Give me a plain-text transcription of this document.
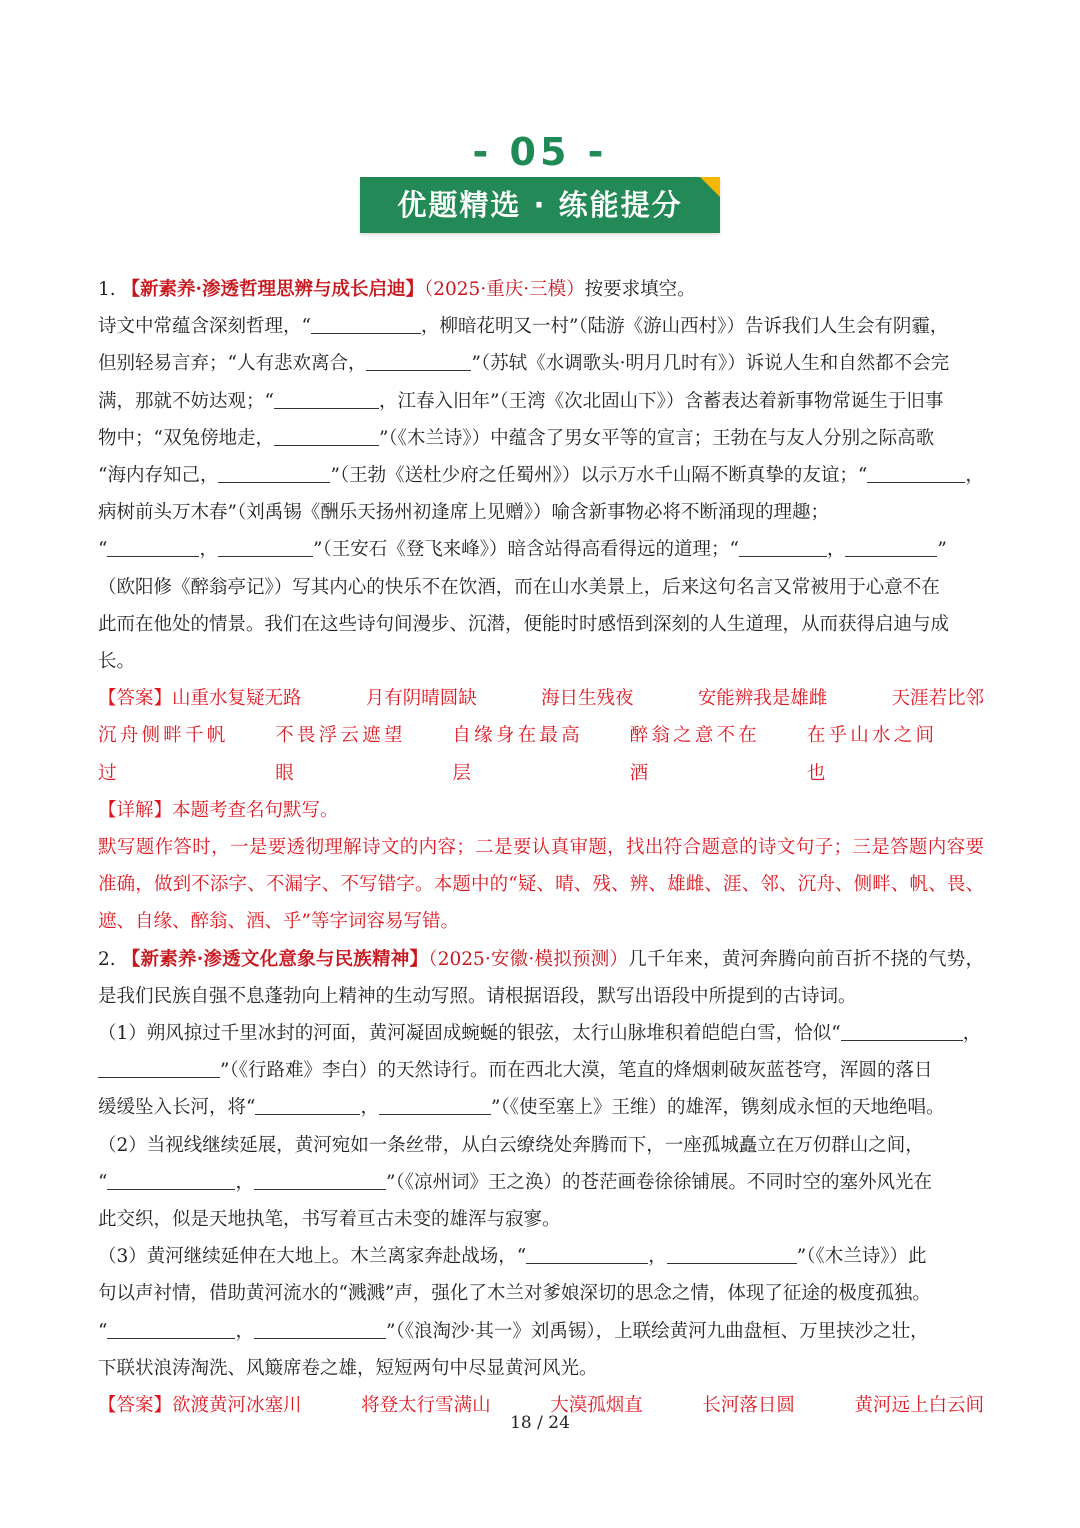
- 05 -
优题精选 · 练能提分

1. 【新素养·渗透哲理思辨与成长启迪】（2025·重庆·三模）按要求填空。

诗文中常蕴含深刻哲理，“	，柳暗花明又一村”（陆游《游山西村》）告诉我们人生会有阴霾，
但别轻易言弃；“人有悲欢离合，	”（苏轼《水调歌头·明月几时有》）诉说人生和自然都不会完
满，那就不妨达观；“	，江春入旧年”（王湾《次北固山下》）含蓄表达着新事物常诞生于旧事
物中；“双兔傍地走，	”（《木兰诗》）中蕴含了男女平等的宣言；王勃在与友人分别之际高歌
“海内存知己，	”（王勃《送杜少府之任蜀州》）以示万水千山隔不断真挚的友谊；“	，
病树前头万木春”（刘禹锡《酬乐天扬州初逢席上见赠》）喻含新事物必将不断涌现的理趣；
“	，	”（王安石《登飞来峰》）暗含站得高看得远的道理；“	，	”
（欧阳修《醉翁亭记》）写其内心的快乐不在饮酒，而在山水美景上，后来这句名言又常被用于心意不在
此而在他处的情景。我们在这些诗句间漫步、沉潜，便能时时感悟到深刻的人生道理，从而获得启迪与成
长。
【答案】山重水复疑无路	月有阴晴圆缺	海日生残夜	安能辨我是雄雌	天涯若比邻
沉舟侧畔千帆过
不畏浮云遮望眼
自缘身在最高层
醉翁之意不在酒
在乎山水之间也

【详解】本题考查名句默写。

默写题作答时，一是要透彻理解诗文的内容；二是要认真审题，找出符合题意的诗文句子；三是答题内容要准确，做到不添字、不漏字、不写错字。本题中的“疑、晴、残、辨、雄雌、涯、邻、沉舟、侧畔、帆、畏、遮、自缘、醉翁、酒、乎”等字词容易写错。

2. 【新素养·渗透文化意象与民族精神】（2025·安徽·模拟预测）几千年来，黄河奔腾向前百折不挠的气势，是我们民族自强不息蓬勃向上精神的生动写照。请根据语段，默写出语段中所提到的古诗词。

（1）朔风掠过千里冰封的河面，黄河凝固成蜿蜒的银弦，太行山脉堆积着皑皑白雪，恰似“	，
”（《行路难》李白）的天然诗行。而在西北大漠，笔直的烽烟刺破灰蓝苍穹，浑圆的落日
缓缓坠入长河，将“	，	”（《使至塞上》王维）的雄浑，镌刻成永恒的天地绝唱。
（2）当视线继续延展，黄河宛如一条丝带，从白云缭绕处奔腾而下，一座孤城矗立在万仞群山之间，
“	，	”（《凉州词》王之涣）的苍茫画卷徐徐铺展。不同时空的塞外风光在
此交织，似是天地执笔，书写着亘古未变的雄浑与寂寥。
（3）黄河继续延伸在大地上。木兰离家奔赴战场，“	，	”（《木兰诗》）此
句以声衬情，借助黄河流水的“溅溅”声，强化了木兰对爹娘深切的思念之情，体现了征途的极度孤独。
“	，	”（《浪淘沙·其一》刘禹锡），上联绘黄河九曲盘桓、万里挟沙之壮，
下联状浪涛淘洗、风簸席卷之雄，短短两句中尽显黄河风光。
【答案】欲渡黄河冰塞川	将登太行雪满山	大漠孤烟直	长河落日圆	黄河远上白云间
18 / 24
